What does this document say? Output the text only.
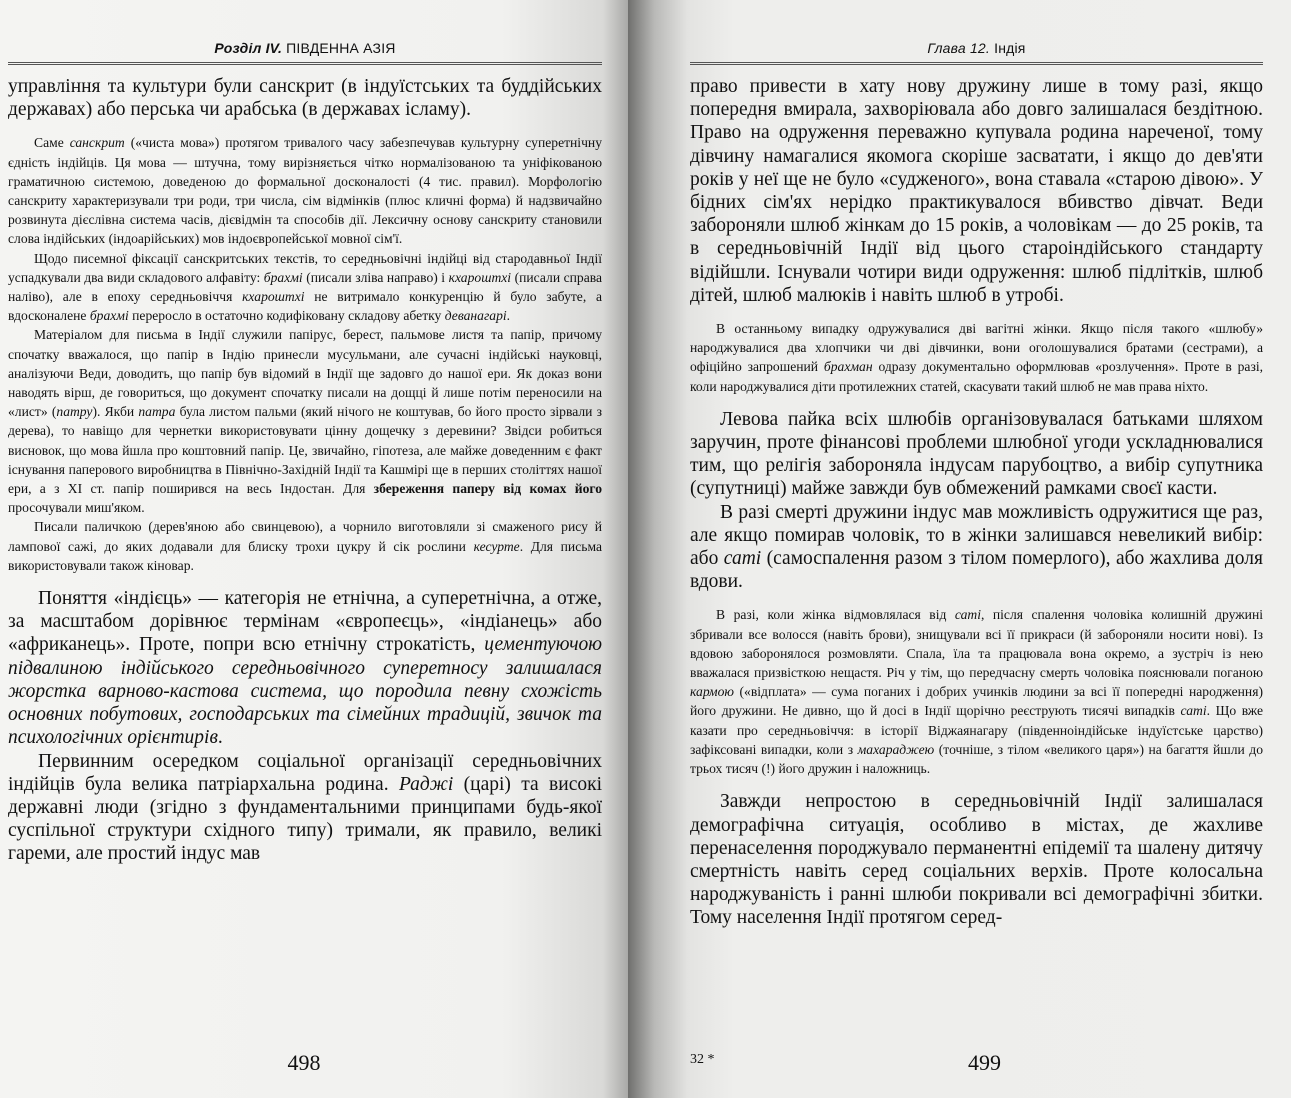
Розділ IV. ПІВДЕННА АЗІЯ

управління та культури були санскрит (в індуїстських та буддійських державах) або перська чи арабська (в державах ісламу).

Саме санскрит («чиста мова») протягом тривалого часу забезпечував культурну суперетнічну єдність індійців. Ця мова — штучна, тому вирізняється чітко нормалізованою та уніфікованою граматичною системою, доведеною до формальної досконалості (4 тис. правил). Морфологію санскриту характеризували три роди, три числа, сім відмінків (плюс кличні форма) й надзвичайно розвинута дієслівна система часів, дієвідмін та способів дії. Лексичну основу санскриту становили слова індійських (індоарійських) мов індоєвропейської мовної сім'ї.

Щодо писемної фіксації санскритських текстів, то середньовічні індійці від стародавньої Індії успадкували два види складового алфавіту: брахмі (писали зліва направо) і кхароштхі (писали справа наліво), але в епоху середньовіччя кхароштхі не витримало конкуренцію й було забуте, а вдосконалене брахмі переросло в остаточно кодифіковану складову абетку деванагарі.

Матеріалом для письма в Індії служили папірус, берест, пальмове листя та папір, причому спочатку вважалося, що папір в Індію принесли мусульмани, але сучасні індійські науковці, аналізуючи Веди, доводить, що папір був відомий в Індії ще задовго до нашої ери. Як доказ вони наводять вірш, де говориться, що документ спочатку писали на дощці й лише потім переносили на «лист» (патру). Якби патра була листом пальми (який нічого не коштував, бо його просто зірвали з дерева), то навіщо для чернетки використовувати цінну дощечку з деревини? Звідси робиться висновок, що мова йшла про коштовний папір. Це, звичайно, гіпотеза, але майже доведенним є факт існування паперового виробництва в Північно-Західній Індії та Кашмірі ще в перших століттях нашої ери, а з XI ст. папір поширився на весь Індостан. Для збереження паперу від комах його просочували миш'яком.

Писали паличкою (дерев'яною або свинцевою), а чорнило виготовляли зі смаженого рису й лампової сажі, до яких додавали для блиску трохи цукру й сік рослини кесурте. Для письма використовували також кіновар.

Поняття «індієць» — категорія не етнічна, а суперетнічна, а отже, за масштабом дорівнює термінам «європеєць», «індіанець» або «африканець». Проте, попри всю етнічну строкатість, цементуючою підвалиною індійського середньовічного суперетносу залишалася жорстка варново-кастова система, що породила певну схожість основних побутових, господарських та сімейних традицій, звичок та психологічних орієнтирів.

Первинним осередком соціальної організації середньовічних індійців була велика патріархальна родина. Раджі (царі) та високі державні люди (згідно з фундаментальними принципами будь-якої суспільної структури східного типу) тримали, як правило, великі гареми, але простий індус мав

498
Глава 12. Індія

право привести в хату нову дружину лише в тому разі, якщо попередня вмирала, захворіювала або довго залишалася бездітною. Право на одруження переважно купувала родина нареченої, тому дівчину намагалися якомога скоріше засватати, і якщо до дев'яти років у неї ще не було «судженого», вона ставала «старою дівою». У бідних сім'ях нерідко практикувалося вбивство дівчат. Веди забороняли шлюб жінкам до 15 років, а чоловікам — до 25 років, та в середньовічній Індії від цього староіндійського стандарту відійшли. Існували чотири види одруження: шлюб підлітків, шлюб дітей, шлюб малюків і навіть шлюб в утробі.

В останньому випадку одружувалися дві вагітні жінки. Якщо після такого «шлюбу» народжувалися два хлопчики чи дві дівчинки, вони оголошувалися братами (сестрами), а офіційно запрошений брахман одразу документально оформлював «розлучення». Проте в разі, коли народжувалися діти протилежних статей, скасувати такий шлюб не мав права ніхто.

Левова пайка всіх шлюбів організовувалася батьками шляхом заручин, проте фінансові проблеми шлюбної угоди ускладнювалися тим, що релігія забороняла індусам парубоцтво, а вибір супутника (супутниці) майже завжди був обмежений рамками своєї касти.

В разі смерті дружини індус мав можливість одружитися ще раз, але якщо помирав чоловік, то в жінки залишався невеликий вибір: або саті (самоспалення разом з тілом померлого), або жахлива доля вдови.

В разі, коли жінка відмовлялася від саті, після спалення чоловіка колишній дружині збривали все волосся (навіть брови), знищували всі її прикраси (й забороняли носити нові). Із вдовою заборонялося розмовляти. Спала, їла та працювала вона окремо, а зустріч із нею вважалася призвісткою нещастя. Річ у тім, що передчасну смерть чоловіка пояснювали поганою кармою («відплата» — сума поганих і добрих учинків людини за всі її попередні народження) його дружини. Не дивно, що й досі в Індії щорічно реєструють тисячі випадків саті. Що вже казати про середньовіччя: в історії Віджаянагару (південноіндійське індуїстське царство) зафіксовані випадки, коли з махараджею (точніше, з тілом «великого царя») на багаття йшли до трьох тисяч (!) його дружин і наложниць.

Завжди непростою в середньовічній Індії залишалася демографічна ситуація, особливо в містах, де жахливе перенаселення породжувало перманентні епідемії та шалену дитячу смертність навіть серед соціальних верхів. Проте колосальна народжуваність і ранні шлюби покривали всі демографічні збитки. Тому населення Індії протягом серед-

32 *	499
